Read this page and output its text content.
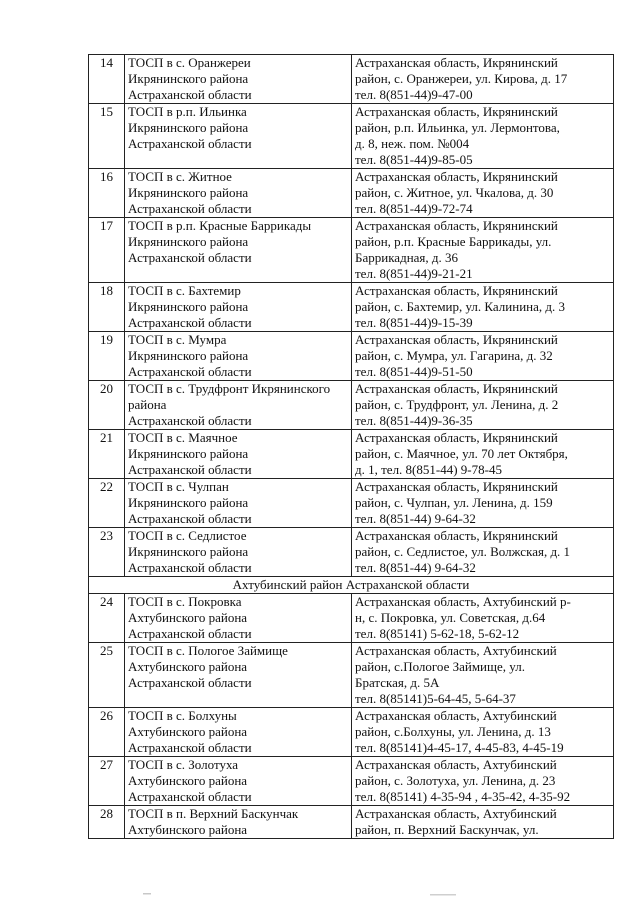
14	ТОСП в с. Оранжереи
Икрянинского района
Астраханской области	Астраханская область, Икрянинский
район, с. Оранжереи, ул. Кирова, д. 17
тел. 8(851-44)9-47-00

15	ТОСП в р.п. Ильинка
Икрянинского района
Астраханской области	Астраханская область, Икрянинский
район, р.п. Ильинка, ул. Лермонтова,
д. 8, неж. пом. №004
тел. 8(851-44)9-85-05

16	ТОСП в с. Житное
Икрянинского района
Астраханской области	Астраханская область, Икрянинский
район, с. Житное, ул. Чкалова, д. 30
тел. 8(851-44)9-72-74

17	ТОСП в р.п. Красные Баррикады
Икрянинского района
Астраханской области	Астраханская область, Икрянинский
район, р.п. Красные Баррикады, ул.
Баррикадная, д. 36
тел. 8(851-44)9-21-21

18	ТОСП в с. Бахтемир
Икрянинского района
Астраханской области	Астраханская область, Икрянинский
район, с. Бахтемир, ул. Калинина, д. 3
тел. 8(851-44)9-15-39

19	ТОСП в с. Мумра
Икрянинского района
Астраханской области	Астраханская область, Икрянинский
район, с. Мумра, ул. Гагарина, д. 32
тел. 8(851-44)9-51-50

20	ТОСП в с. Трудфронт Икрянинского
района
Астраханской области	Астраханская область, Икрянинский
район, с. Трудфронт, ул. Ленина, д. 2
тел. 8(851-44)9-36-35

21	ТОСП в с. Маячное
Икрянинского района
Астраханской области	Астраханская область, Икрянинский
район, с. Маячное, ул. 70 лет Октября,
д. 1, тел. 8(851-44) 9-78-45

22	ТОСП в с. Чулпан
Икрянинского района
Астраханской области	Астраханская область, Икрянинский
район, с. Чулпан, ул. Ленина, д. 159
тел. 8(851-44) 9-64-32

23	ТОСП в с. Седлистое
Икрянинского района
Астраханской области	Астраханская область, Икрянинский
район, с. Седлистое, ул. Волжская, д. 1
тел. 8(851-44) 9-64-32

Ахтубинский район Астраханской области		
24	ТОСП в с. Покровка
Ахтубинского района
Астраханской области	Астраханская область, Ахтубинский р-
н, с. Покровка, ул. Советская, д.64
тел. 8(85141) 5-62-18, 5-62-12

25	ТОСП в с. Пологое Займище
Ахтубинского района
Астраханской области	Астраханская область, Ахтубинский
район, с.Пологое Займище, ул.
Братская, д. 5А
тел. 8(85141)5-64-45, 5-64-37

26	ТОСП в с. Болхуны
Ахтубинского района
Астраханской области	Астраханская область, Ахтубинский
район, с.Болхуны, ул. Ленина, д. 13
тел. 8(85141)4-45-17, 4-45-83, 4-45-19

27	ТОСП в с. Золотуха
Ахтубинского района
Астраханской области	Астраханская область, Ахтубинский
район, с. Золотуха, ул. Ленина, д. 23
тел. 8(85141) 4-35-94 , 4-35-42, 4-35-92

28	ТОСП в п. Верхний Баскунчак
Ахтубинского района	Астраханская область, Ахтубинский
район, п. Верхний Баскунчак, ул.
